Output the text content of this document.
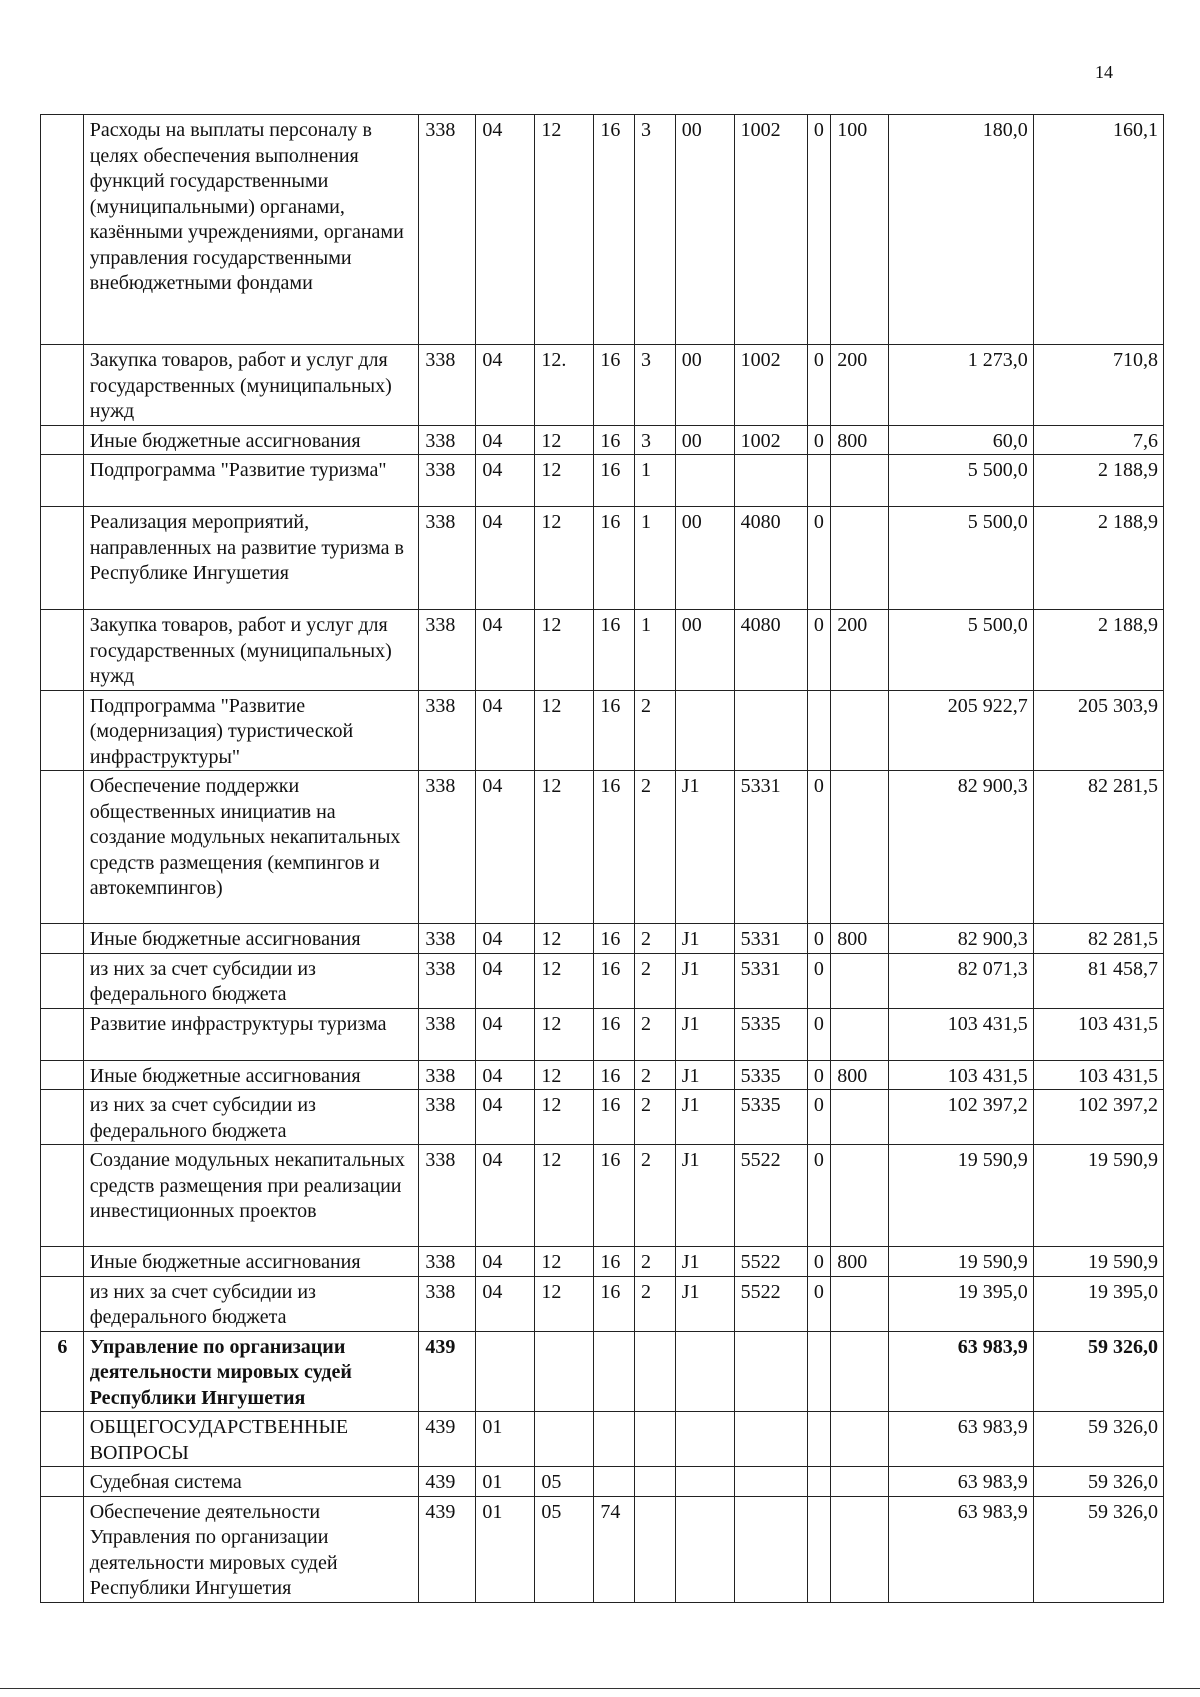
14
	Расходы на выплаты персоналу в целях обеспечения выполнения функций государственными (муниципальными) органами, казёнными учреждениями, органами управления государственными внебюджетными фондами	338	04	12	16	3	00	1002	0	100	180,0	160,1
	Закупка товаров, работ и услуг для государственных (муниципальных) нужд	338	04	12.	16	3	00	1002	0	200	1 273,0	710,8
	Иные бюджетные ассигнования	338	04	12	16	3	00	1002	0	800	60,0	7,6
	Подпрограмма "Развитие туризма"	338	04	12	16	1					5 500,0	2 188,9
	Реализация мероприятий, направленных на развитие туризма в Республике Ингушетия	338	04	12	16	1	00	4080	0		5 500,0	2 188,9
	Закупка товаров, работ и услуг для государственных (муниципальных) нужд	338	04	12	16	1	00	4080	0	200	5 500,0	2 188,9
	Подпрограмма "Развитие (модернизация) туристической инфраструктуры"	338	04	12	16	2					205 922,7	205 303,9
	Обеспечение поддержки общественных инициатив на создание модульных некапитальных средств размещения (кемпингов и автокемпингов)	338	04	12	16	2	J1	5331	0		82 900,3	82 281,5
	Иные бюджетные ассигнования	338	04	12	16	2	J1	5331	0	800	82 900,3	82 281,5
	из них за счет субсидии из федерального бюджета	338	04	12	16	2	J1	5331	0		82 071,3	81 458,7
	Развитие инфраструктуры туризма	338	04	12	16	2	J1	5335	0		103 431,5	103 431,5
	Иные бюджетные ассигнования	338	04	12	16	2	J1	5335	0	800	103 431,5	103 431,5
	из них за счет субсидии из федерального бюджета	338	04	12	16	2	J1	5335	0		102 397,2	102 397,2
	Создание модульных некапитальных средств размещения при реализации инвестиционных проектов	338	04	12	16	2	J1	5522	0		19 590,9	19 590,9
	Иные бюджетные ассигнования	338	04	12	16	2	J1	5522	0	800	19 590,9	19 590,9
	из них за счет субсидии из федерального бюджета	338	04	12	16	2	J1	5522	0		19 395,0	19 395,0
6	Управление по организации деятельности мировых судей Республики Ингушетия	439									63 983,9	59 326,0
	ОБЩЕГОСУДАРСТВЕННЫЕ ВОПРОСЫ	439	01								63 983,9	59 326,0
	Судебная система	439	01	05							63 983,9	59 326,0
	Обеспечение деятельности Управления по организации деятельности мировых судей Республики Ингушетия	439	01	05	74						63 983,9	59 326,0
